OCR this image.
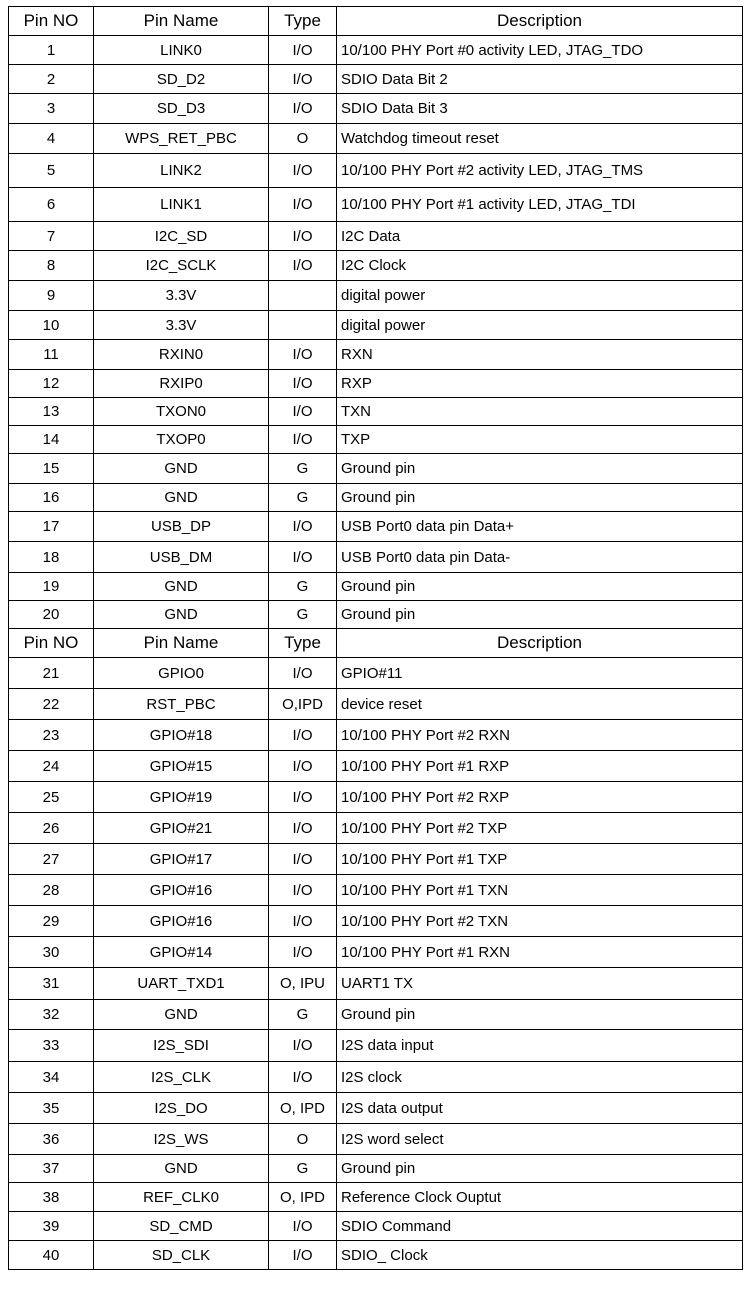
Pin NO	Pin Name	Type	Description
1	LINK0	I/O	10/100 PHY Port #0 activity LED, JTAG_TDO
2	SD_D2	I/O	SDIO Data Bit 2
3	SD_D3	I/O	SDIO Data Bit 3
4	WPS_RET_PBC	O	Watchdog timeout reset
5	LINK2	I/O	10/100 PHY Port #2 activity LED, JTAG_TMS
6	LINK1	I/O	10/100 PHY Port #1 activity LED, JTAG_TDI
7	I2C_SD	I/O	I2C Data
8	I2C_SCLK	I/O	I2C Clock
9	3.3V		digital power
10	3.3V		digital power
11	RXIN0	I/O	RXN
12	RXIP0	I/O	RXP
13	TXON0	I/O	TXN
14	TXOP0	I/O	TXP
15	GND	G	Ground pin
16	GND	G	Ground pin
17	USB_DP	I/O	USB Port0 data pin Data+
18	USB_DM	I/O	USB Port0 data pin Data-
19	GND	G	Ground pin
20	GND	G	Ground pin
Pin NO	Pin Name	Type	Description
21	GPIO0	I/O	GPIO#11
22	RST_PBC	O,IPD	device reset
23	GPIO#18	I/O	10/100 PHY Port #2 RXN
24	GPIO#15	I/O	10/100 PHY Port #1 RXP
25	GPIO#19	I/O	10/100 PHY Port #2 RXP
26	GPIO#21	I/O	10/100 PHY Port #2 TXP
27	GPIO#17	I/O	10/100 PHY Port #1 TXP
28	GPIO#16	I/O	10/100 PHY Port #1 TXN
29	GPIO#16	I/O	10/100 PHY Port #2 TXN
30	GPIO#14	I/O	10/100 PHY Port #1 RXN
31	UART_TXD1	O, IPU	UART1 TX
32	GND	G	Ground pin
33	I2S_SDI	I/O	I2S data input
34	I2S_CLK	I/O	I2S clock
35	I2S_DO	O, IPD	I2S data output
36	I2S_WS	O	I2S word select
37	GND	G	Ground pin
38	REF_CLK0	O, IPD	Reference Clock Ouptut
39	SD_CMD	I/O	SDIO Command
40	SD_CLK	I/O	SDIO_ Clock
